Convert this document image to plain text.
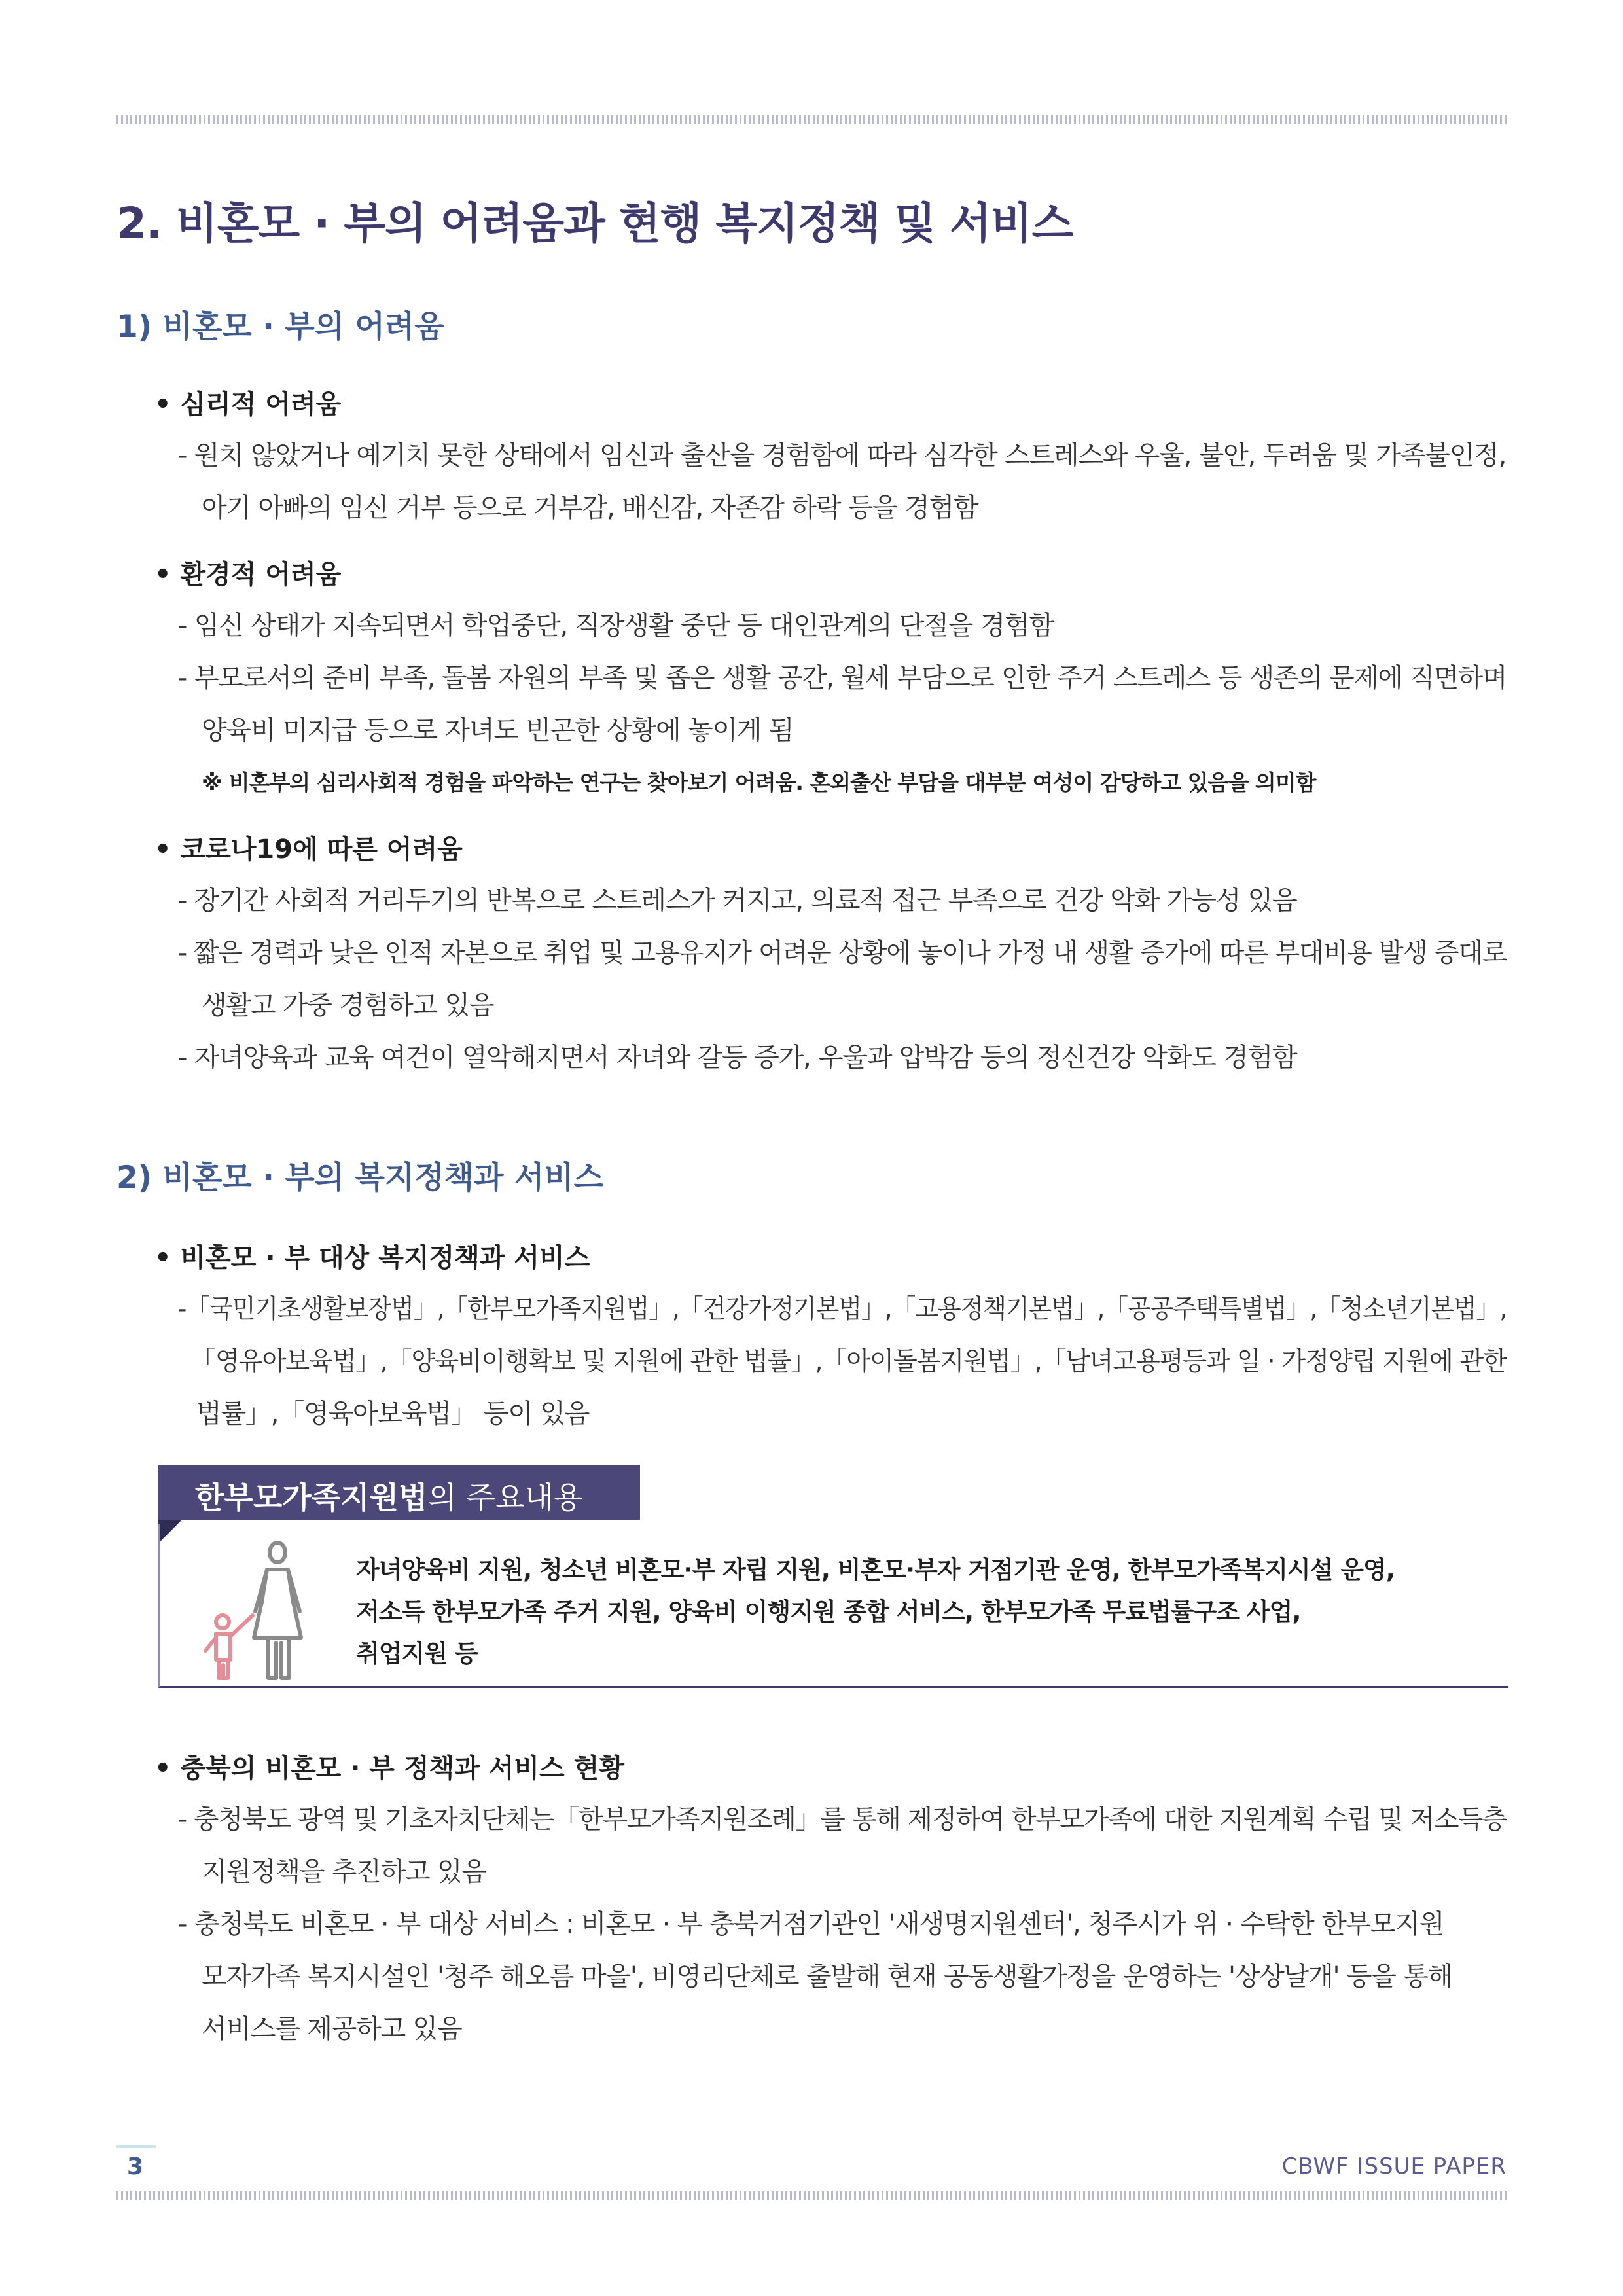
2. 비혼모 · 부의 어려움과 현행 복지정책 및 서비스
1) 비혼모 · 부의 어려움
• 심리적 어려움
- 원치 않았거나 예기치 못한 상태에서 임신과 출산을 경험함에 따라 심각한 스트레스와 우울, 불안, 두려움 및 가족불인정,
아기 아빠의 임신 거부 등으로 거부감, 배신감, 자존감 하락 등을 경험함
• 환경적 어려움
- 임신 상태가 지속되면서 학업중단, 직장생활 중단 등 대인관계의 단절을 경험함
- 부모로서의 준비 부족, 돌봄 자원의 부족 및 좁은 생활 공간, 월세 부담으로 인한 주거 스트레스 등 생존의 문제에 직면하며
양육비 미지급 등으로 자녀도 빈곤한 상황에 놓이게 됨
※ 비혼부의 심리사회적 경험을 파악하는 연구는 찾아보기 어려움. 혼외출산 부담을 대부분 여성이 감당하고 있음을 의미함
• 코로나19에 따른 어려움
- 장기간 사회적 거리두기의 반복으로 스트레스가 커지고, 의료적 접근 부족으로 건강 악화 가능성 있음
- 짧은 경력과 낮은 인적 자본으로 취업 및 고용유지가 어려운 상황에 놓이나 가정 내 생활 증가에 따른 부대비용 발생 증대로
생활고 가중 경험하고 있음
- 자녀양육과 교육 여건이 열악해지면서 자녀와 갈등 증가, 우울과 압박감 등의 정신건강 악화도 경험함
2) 비혼모 · 부의 복지정책과 서비스
• 비혼모 · 부 대상 복지정책과 서비스
-「국민기초생활보장법」,「한부모가족지원법」,「건강가정기본법」,「고용정책기본법」,「공공주택특별법」,「청소년기본법」,
「영유아보육법」,「양육비이행확보 및 지원에 관한 법률」,「아이돌봄지원법」,「남녀고용평등과 일 · 가정양립 지원에 관한
법률」,「영육아보육법」 등이 있음
한부모가족지원법의 주요내용
자녀양육비 지원, 청소년 비혼모·부 자립 지원, 비혼모·부자 거점기관 운영, 한부모가족복지시설 운영,
저소득 한부모가족 주거 지원, 양육비 이행지원 종합 서비스, 한부모가족 무료법률구조 사업,
취업지원 등
• 충북의 비혼모 · 부 정책과 서비스 현황
- 충청북도 광역 및 기초자치단체는「한부모가족지원조례」를 통해 제정하여 한부모가족에 대한 지원계획 수립 및 저소득층
지원정책을 추진하고 있음
- 충청북도 비혼모 · 부 대상 서비스 : 비혼모 · 부 충북거점기관인 '새생명지원센터', 청주시가 위 · 수탁한 한부모지원
모자가족 복지시설인 '청주 해오름 마을', 비영리단체로 출발해 현재 공동생활가정을 운영하는 '상상날개' 등을 통해
서비스를 제공하고 있음
3	CBWF ISSUE PAPER
